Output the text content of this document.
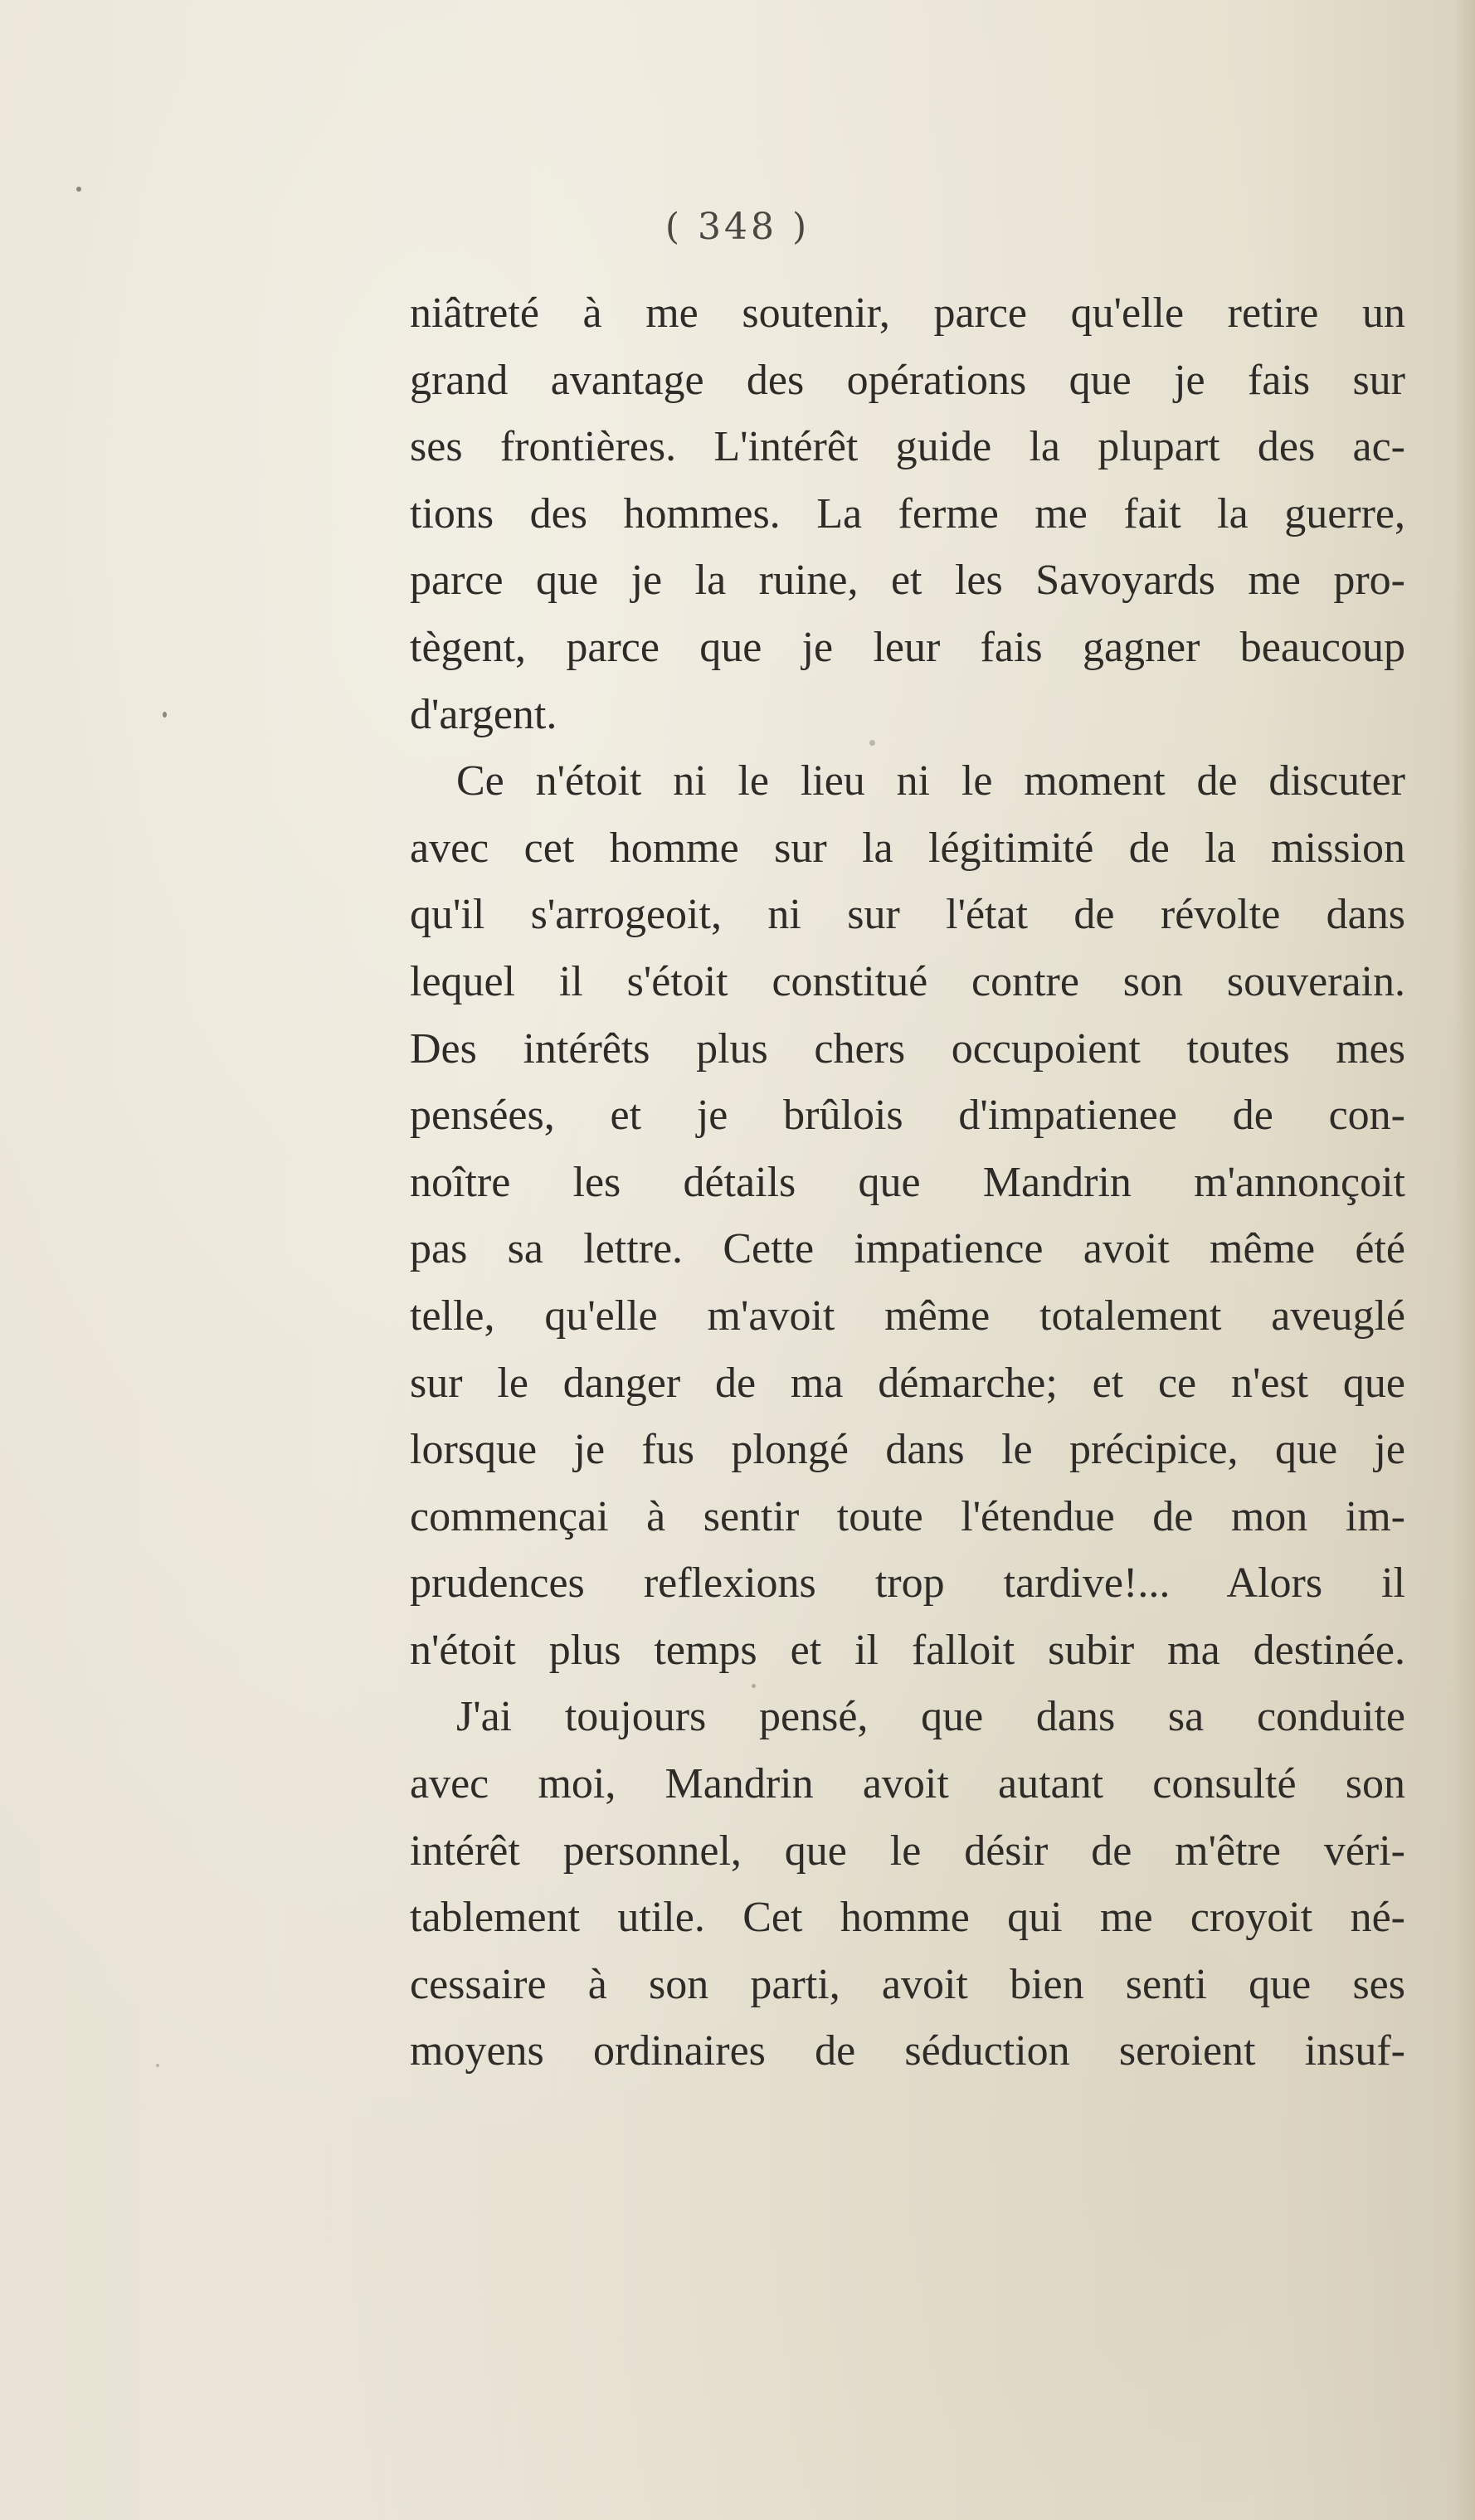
( 348 )
niâtreté à me soutenir, parce qu'elle retire un
grand avantage des opérations que je fais sur
ses frontières. L'intérêt guide la plupart des ac-
tions des hommes. La ferme me fait la guerre,
parce que je la ruine, et les Savoyards me pro-
tègent, parce que je leur fais gagner beaucoup
d'argent.
Ce n'étoit ni le lieu ni le moment de discuter
avec cet homme sur la légitimité de la mission
qu'il s'arrogeoit, ni sur l'état de révolte dans
lequel il s'étoit constitué contre son souverain.
Des intérêts plus chers occupoient toutes mes
pensées, et je brûlois d'impatienee de con-
noître les détails que Mandrin m'annonçoit
pas sa lettre. Cette impatience avoit même été
telle, qu'elle m'avoit même totalement aveuglé
sur le danger de ma démarche; et ce n'est que
lorsque je fus plongé dans le précipice, que je
commençai à sentir toute l'étendue de mon im-
prudences reflexions trop tardive!... Alors il
n'étoit plus temps et il falloit subir ma destinée.
J'ai toujours pensé, que dans sa conduite
avec moi, Mandrin avoit autant consulté son
intérêt personnel, que le désir de m'être véri-
tablement utile. Cet homme qui me croyoit né-
cessaire à son parti, avoit bien senti que ses
moyens ordinaires de séduction seroient insuf-
